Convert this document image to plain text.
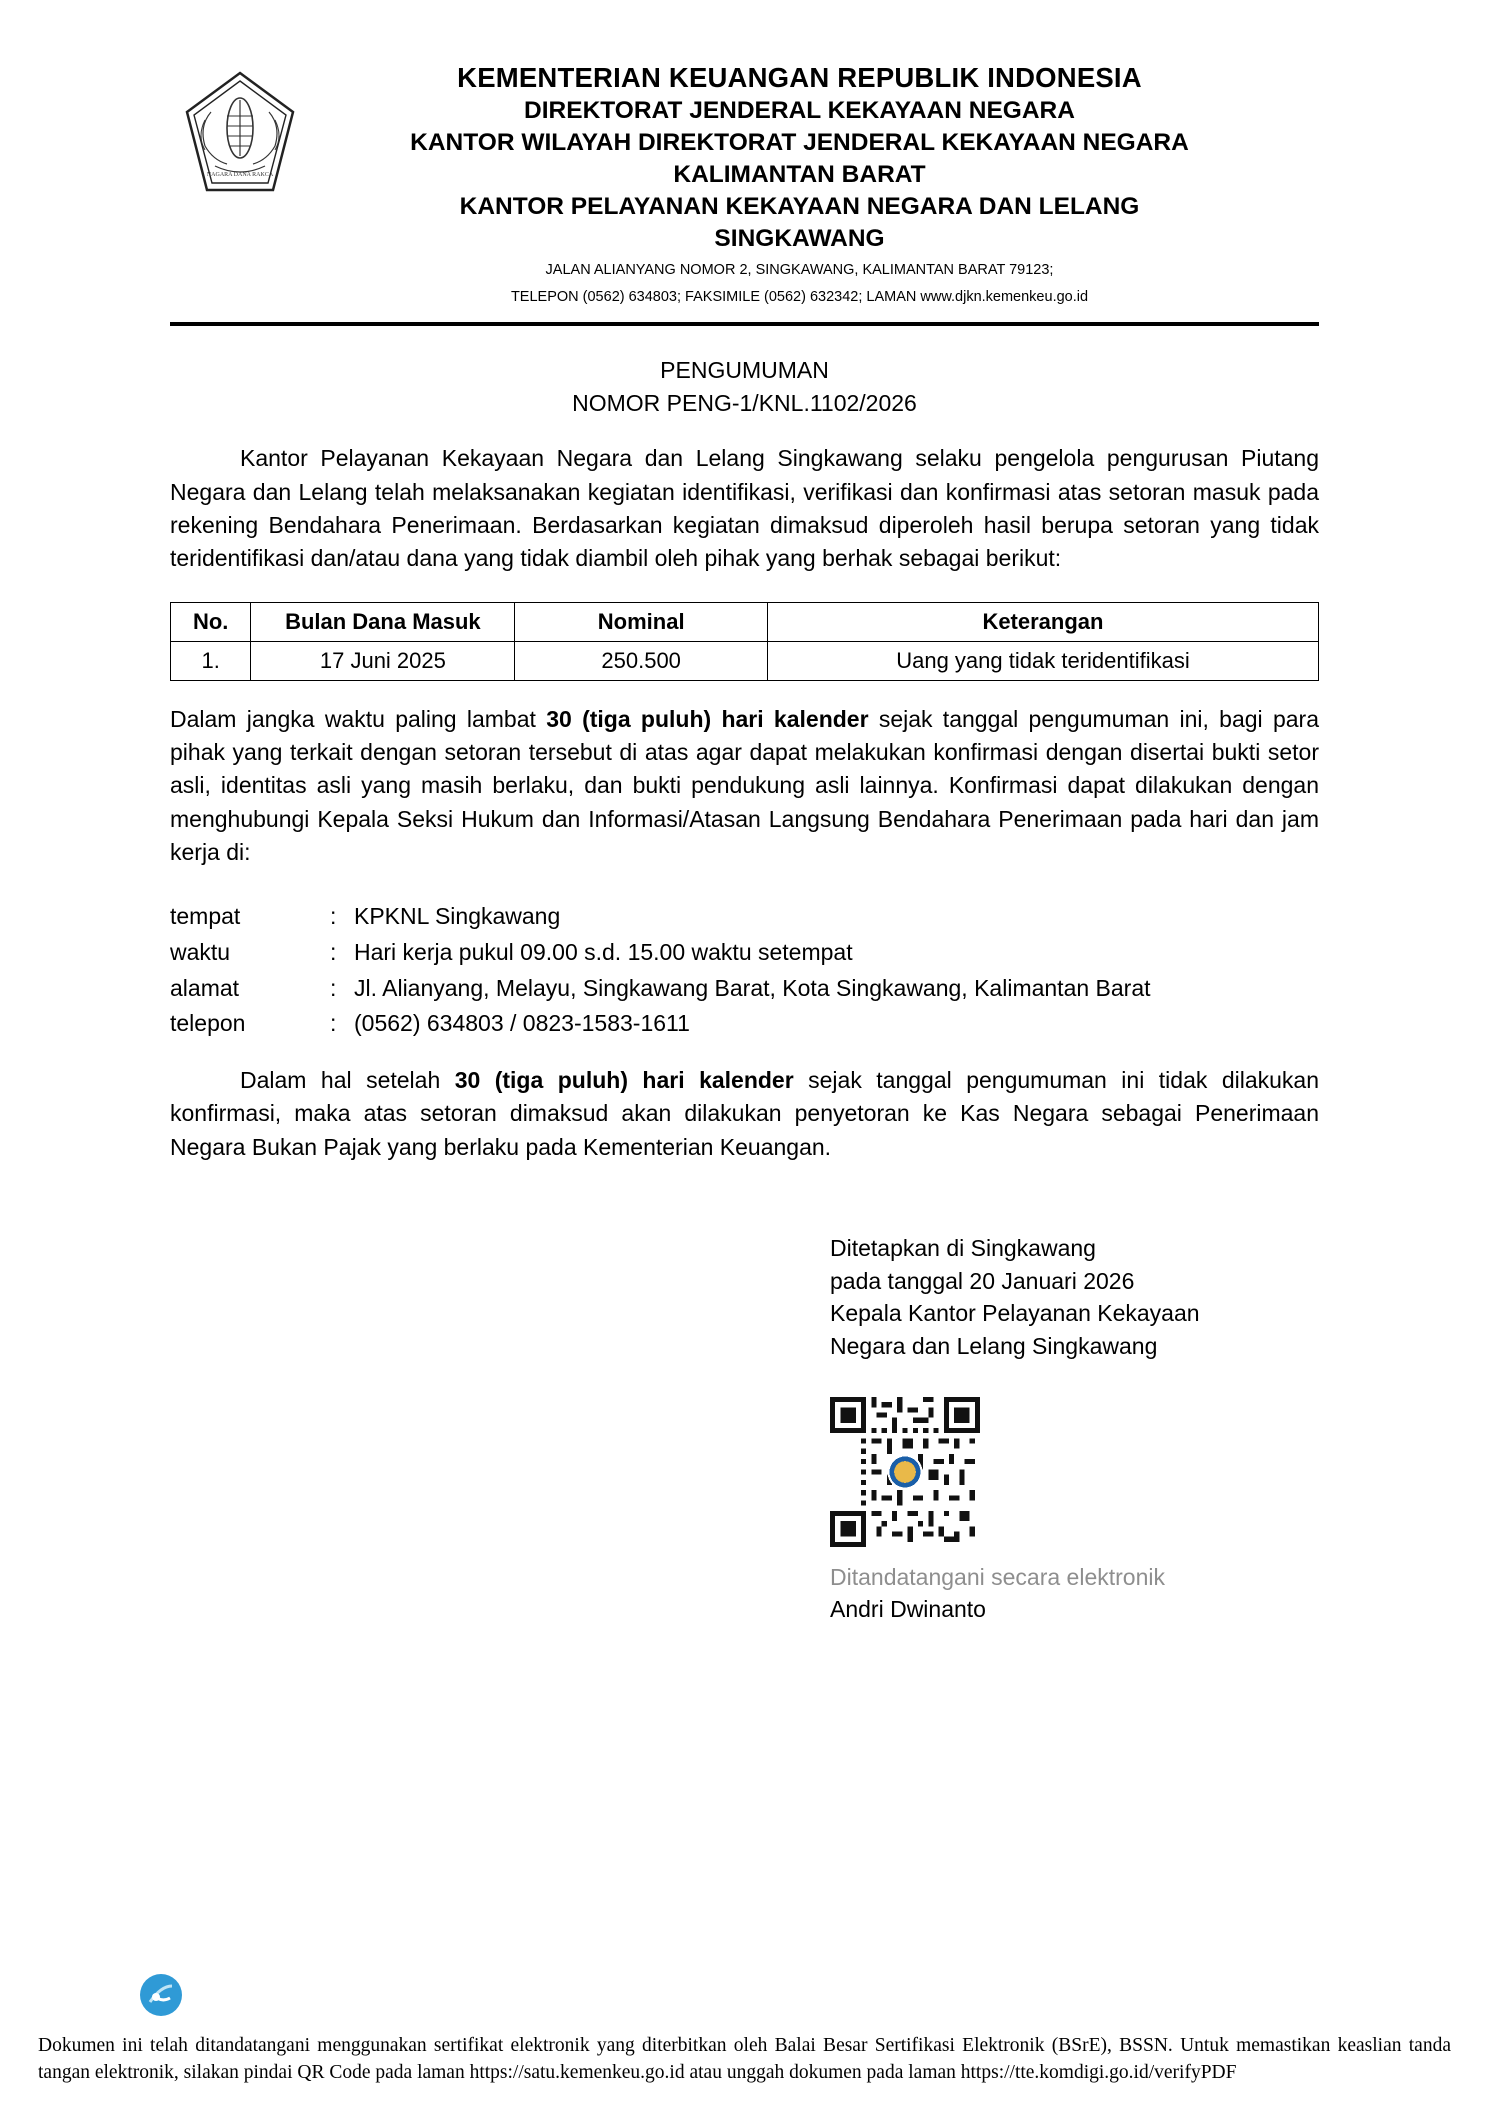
NAGARA DANA RAKCA
KEMENTERIAN KEUANGAN REPUBLIK INDONESIA
DIREKTORAT JENDERAL KEKAYAAN NEGARA
KANTOR WILAYAH DIREKTORAT JENDERAL KEKAYAAN NEGARA
KALIMANTAN BARAT
KANTOR PELAYANAN KEKAYAAN NEGARA DAN LELANG
SINGKAWANG
JALAN ALIANYANG NOMOR 2, SINGKAWANG, KALIMANTAN BARAT 79123;
TELEPON (0562) 634803; FAKSIMILE (0562) 632342; LAMAN www.djkn.kemenkeu.go.id
PENGUMUMAN
NOMOR PENG-1/KNL.1102/2026
Kantor Pelayanan Kekayaan Negara dan Lelang Singkawang selaku pengelola pengurusan Piutang Negara dan Lelang telah melaksanakan kegiatan identifikasi, verifikasi dan konfirmasi atas setoran masuk pada rekening Bendahara Penerimaan. Berdasarkan kegiatan dimaksud diperoleh hasil berupa setoran yang tidak teridentifikasi dan/atau dana yang tidak diambil oleh pihak yang berhak sebagai berikut:
No.	Bulan Dana Masuk	Nominal	Keterangan
1.	17 Juni 2025	250.500	Uang yang tidak teridentifikasi
Dalam jangka waktu paling lambat 30 (tiga puluh) hari kalender sejak tanggal pengumuman ini, bagi para pihak yang terkait dengan setoran tersebut di atas agar dapat melakukan konfirmasi dengan disertai bukti setor asli, identitas asli yang masih berlaku, dan bukti pendukung asli lainnya. Konfirmasi dapat dilakukan dengan menghubungi Kepala Seksi Hukum dan Informasi/Atasan Langsung Bendahara Penerimaan pada hari dan jam kerja di:
tempat	: KPKNL Singkawang
waktu	: Hari kerja pukul 09.00 s.d. 15.00 waktu setempat
alamat	: Jl. Alianyang, Melayu, Singkawang Barat, Kota Singkawang, Kalimantan Barat
telepon	: (0562) 634803 / 0823-1583-1611
Dalam hal setelah 30 (tiga puluh) hari kalender sejak tanggal pengumuman ini tidak dilakukan konfirmasi, maka atas setoran dimaksud akan dilakukan penyetoran ke Kas Negara sebagai Penerimaan Negara Bukan Pajak yang berlaku pada Kementerian Keuangan.
Ditetapkan di Singkawang
pada tanggal 20 Januari 2026
Kepala Kantor Pelayanan Kekayaan
Negara dan Lelang Singkawang
Ditandatangani secara elektronik
Andri Dwinanto
Dokumen ini telah ditandatangani menggunakan sertifikat elektronik yang diterbitkan oleh Balai Besar Sertifikasi Elektronik (BSrE), BSSN. Untuk memastikan keaslian tanda tangan elektronik, silakan pindai QR Code pada laman https://satu.kemenkeu.go.id atau unggah dokumen pada laman https://tte.komdigi.go.id/verifyPDF
